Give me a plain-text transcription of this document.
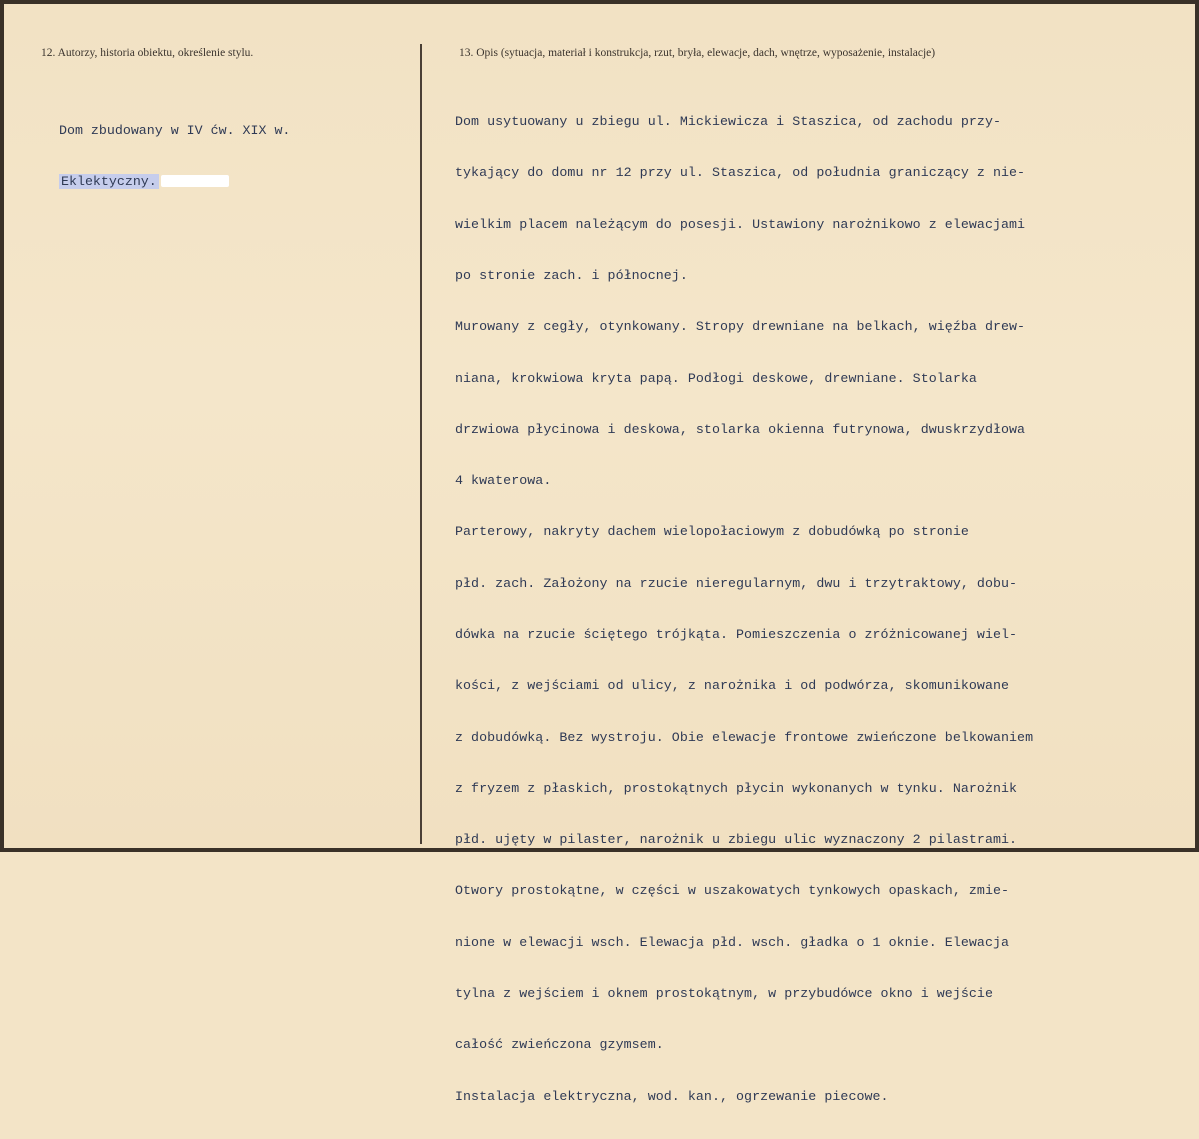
12. Autorzy, historia obiektu, określenie stylu.	13. Opis (sytuacja, materiał i konstrukcja, rzut, bryła, elewacje, dach, wnętrze, wyposażenie, instalacje)

Dom zbudowany w IV ćw. XIX w.

Eklektyczny.

Dom usytuowany u zbiegu ul. Mickiewicza i Staszica, od zachodu przy-

tykający do domu nr 12 przy ul. Staszica, od południa graniczący z nie-

wielkim placem należącym do posesji. Ustawiony narożnikowo z elewacjami

po stronie zach. i północnej.

Murowany z cegły, otynkowany. Stropy drewniane na belkach, więźba drew-

niana, krokwiowa kryta papą. Podłogi deskowe, drewniane. Stolarka

drzwiowa płycinowa i deskowa, stolarka okienna futrynowa, dwuskrzydłowa

4 kwaterowa.

Parterowy, nakryty dachem wielopołaciowym z dobudówką po stronie

płd. zach. Założony na rzucie nieregularnym, dwu i trzytraktowy, dobu-

dówka na rzucie ściętego trójkąta. Pomieszczenia o zróżnicowanej wiel-

kości, z wejściami od ulicy, z narożnika i od podwórza, skomunikowane

z dobudówką. Bez wystroju. Obie elewacje frontowe zwieńczone belkowaniem

z fryzem z płaskich, prostokątnych płycin wykonanych w tynku. Narożnik

płd. ujęty w pilaster, narożnik u zbiegu ulic wyznaczony 2 pilastrami.

Otwory prostokątne, w części w uszakowatych tynkowych opaskach, zmie-

nione w elewacji wsch. Elewacja płd. wsch. gładka o 1 oknie. Elewacja

tylna z wejściem i oknem prostokątnym, w przybudówce okno i wejście

całość zwieńczona gzymsem.

Instalacja elektryczna, wod. kan., ogrzewanie piecowe.
